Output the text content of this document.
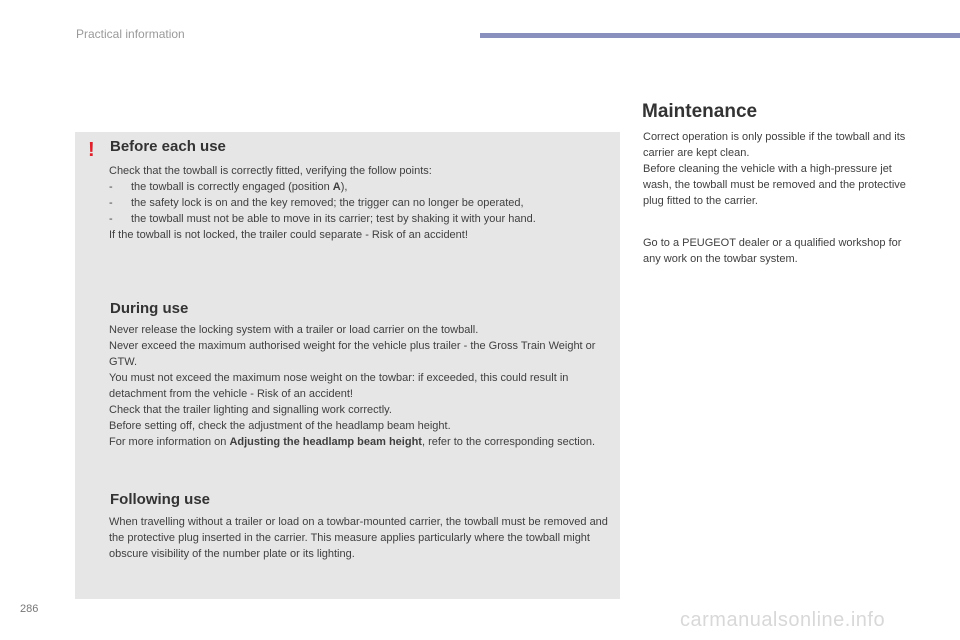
Practical information
! Before each use

Check that the towball is correctly fitted, verifying the follow points:

- the towball is correctly engaged (position A),

- the safety lock is on and the key removed; the trigger can no longer be operated,

- the towball must not be able to move in its carrier; test by shaking it with your hand.

If the towball is not locked, the trailer could separate - Risk of an accident!

During use

Never release the locking system with a trailer or load carrier on the towball.

Never exceed the maximum authorised weight for the vehicle plus trailer - the Gross Train Weight or GTW.

You must not exceed the maximum nose weight on the towbar: if exceeded, this could result in detachment from the vehicle - Risk of an accident!

Check that the trailer lighting and signalling work correctly.

Before setting off, check the adjustment of the headlamp beam height.

For more information on Adjusting the headlamp beam height, refer to the corresponding section.

Following use

When travelling without a trailer or load on a towbar-mounted carrier, the towball must be removed and the protective plug inserted in the carrier. This measure applies particularly where the towball might obscure visibility of the number plate or its lighting.

Maintenance

Correct operation is only possible if the towball and its carrier are kept clean.

Before cleaning the vehicle with a high-pressure jet wash, the towball must be removed and the protective plug fitted to the carrier.

Go to a PEUGEOT dealer or a qualified workshop for any work on the towbar system.

286	carmanualsonline.info
